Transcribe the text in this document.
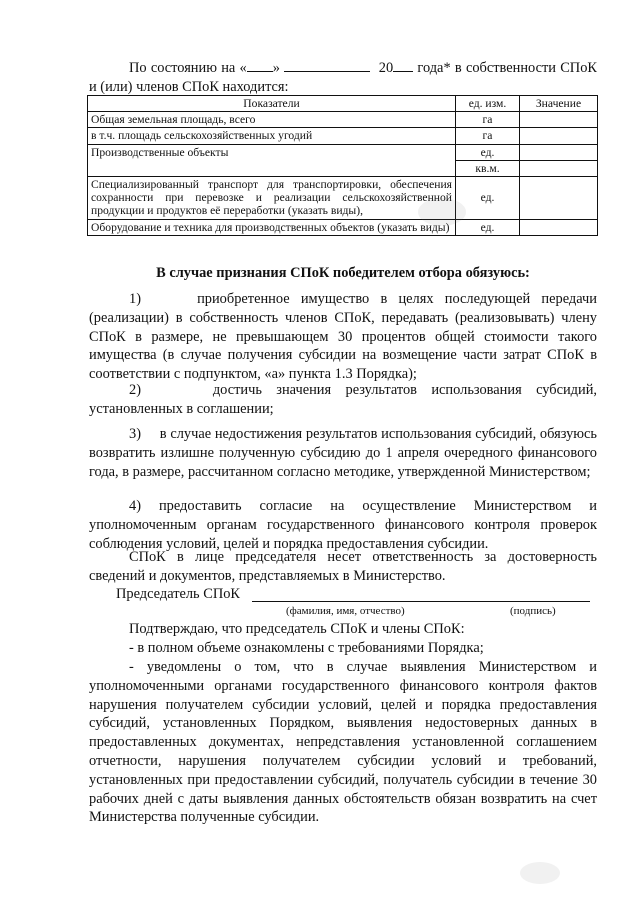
По состоянию на « »	20 года* в собственности СПоК и (или) членов СПоК находится:

Показатели	ед. изм.	Значение
Общая земельная площадь, всего	га	
в т.ч. площадь сельскохозяйственных угодий	га	
Производственные объекты	ед.	
	кв.м.	
Специализированный транспорт для транспортировки, обеспечения сохранности при перевозке и реализации сельскохозяйственной продукции и продуктов её переработки (указать виды),	ед.	
Оборудование и техника для производственных объектов (указать виды)	ед.	
В случае признания СПоК победителем отбора обязуюсь:

1)     приобретенное имущество в целях последующей передачи (реализации) в собственность членов СПоК, передавать (реализовывать) члену СПоК в размере, не превышающем 30 процентов общей стоимости такого имущества (в случае получения субсидии на возмещение части затрат СПоК в соответствии с подпунктом, «а» пункта 1.3 Порядка);

2)     достичь значения результатов использования субсидий, установленных в соглашении;

3)     в случае недостижения результатов использования субсидий, обязуюсь возвратить излишне полученную субсидию до 1 апреля очередного финансового года, в размере, рассчитанном согласно методике, утвержденной Министерством;

4) предоставить согласие на осуществление Министерством и уполномоченным органам государственного финансового контроля проверок соблюдения условий, целей и порядка предоставления субсидии.

СПоК в лице председателя несет ответственность за достоверность сведений и документов, представляемых в Министерство.

Председатель СПоК
(фамилия, имя, отчество)	(подпись)

Подтверждаю, что председатель СПоК и члены СПоК:

- в полном объеме ознакомлены с требованиями Порядка;

- уведомлены о том, что в случае выявления Министерством и уполномоченными органами государственного финансового контроля фактов нарушения получателем субсидии условий, целей и порядка предоставления субсидий, установленных Порядком, выявления недостоверных данных в предоставленных документах, непредставления установленной соглашением отчетности, нарушения получателем субсидии условий и требований, установленных при предоставлении субсидий, получатель субсидии в течение 30 рабочих дней с даты выявления данных обстоятельств обязан возвратить на счет Министерства полученные субсидии.
